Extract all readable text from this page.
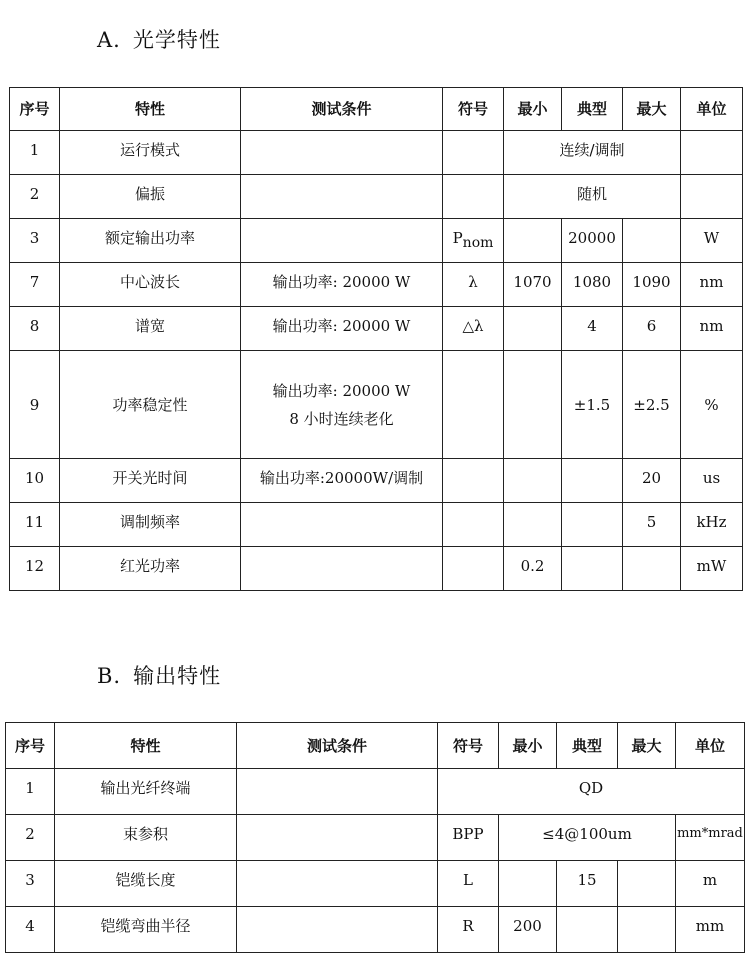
A. 光学特性
序号	特性	测试条件	符号	最小	典型	最大	单位

1	运行模式			连续/调制			

2	偏振			随机			

3	额定输出功率		$P_{nom}$		20000		W

7	中心波长	输出功率: 20000 W	λ	1070	1080	1090	nm

8	谱宽	输出功率: 20000 W	△λ		4	6	nm

9	功率稳定性	输出功率: 20000 W
8 小时连续老化			±1.5	±2.5	%

10	开关光时间	输出功率:20000W/调制				20	us

11	调制频率					5	kHz

12	红光功率			0.2			mW
B. 输出特性
序号	特性	测试条件	符号	最小	典型	最大	单位

1	输出光纤终端		QD				

2	束参积		BPP	≤4@100um			mm*mrad

3	铠缆长度		L		15		m

4	铠缆弯曲半径		R	200			mm
